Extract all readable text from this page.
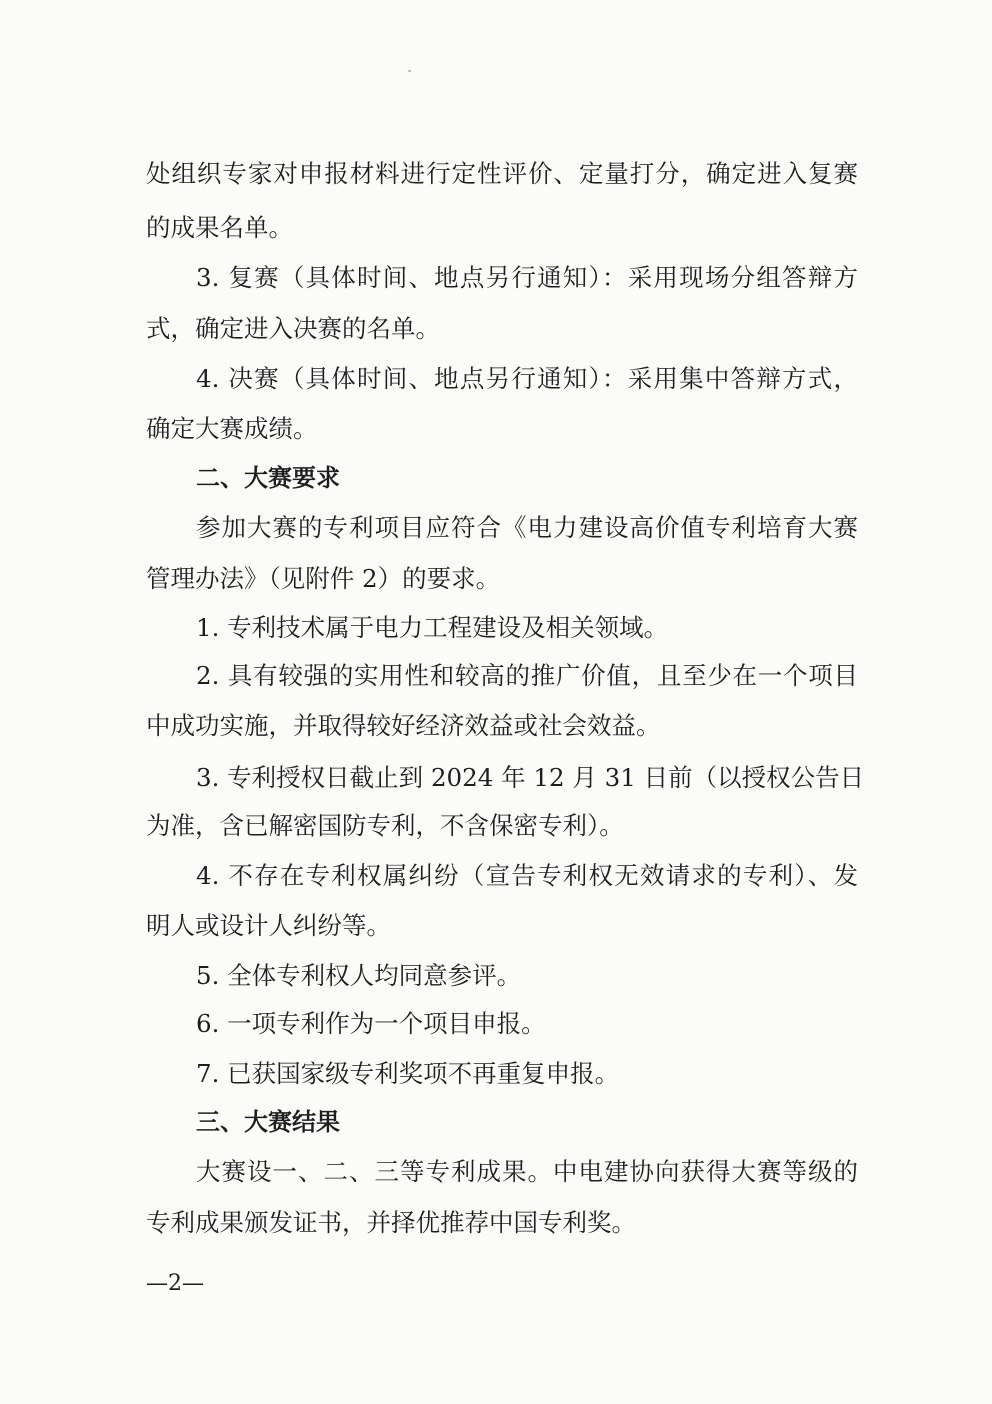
处组织专家对申报材料进行定性评价、定量打分，确定进入复赛
的成果名单。
3. 复赛（具体时间、地点另行通知）：采用现场分组答辩方
式，确定进入决赛的名单。
4. 决赛（具体时间、地点另行通知）：采用集中答辩方式，
确定大赛成绩。
二、大赛要求
参加大赛的专利项目应符合《电力建设高价值专利培育大赛
管理办法》（见附件 2）的要求。
1. 专利技术属于电力工程建设及相关领域。
2. 具有较强的实用性和较高的推广价值，且至少在一个项目
中成功实施，并取得较好经济效益或社会效益。
3. 专利授权日截止到 2024 年 12 月 31 日前（以授权公告日
为准，含已解密国防专利，不含保密专利）。
4. 不存在专利权属纠纷（宣告专利权无效请求的专利）、发
明人或设计人纠纷等。
5. 全体专利权人均同意参评。
6. 一项专利作为一个项目申报。
7. 已获国家级专利奖项不再重复申报。
三、大赛结果
大赛设一、二、三等专利成果。中电建协向获得大赛等级的
专利成果颁发证书，并择优推荐中国专利奖。
—2—
